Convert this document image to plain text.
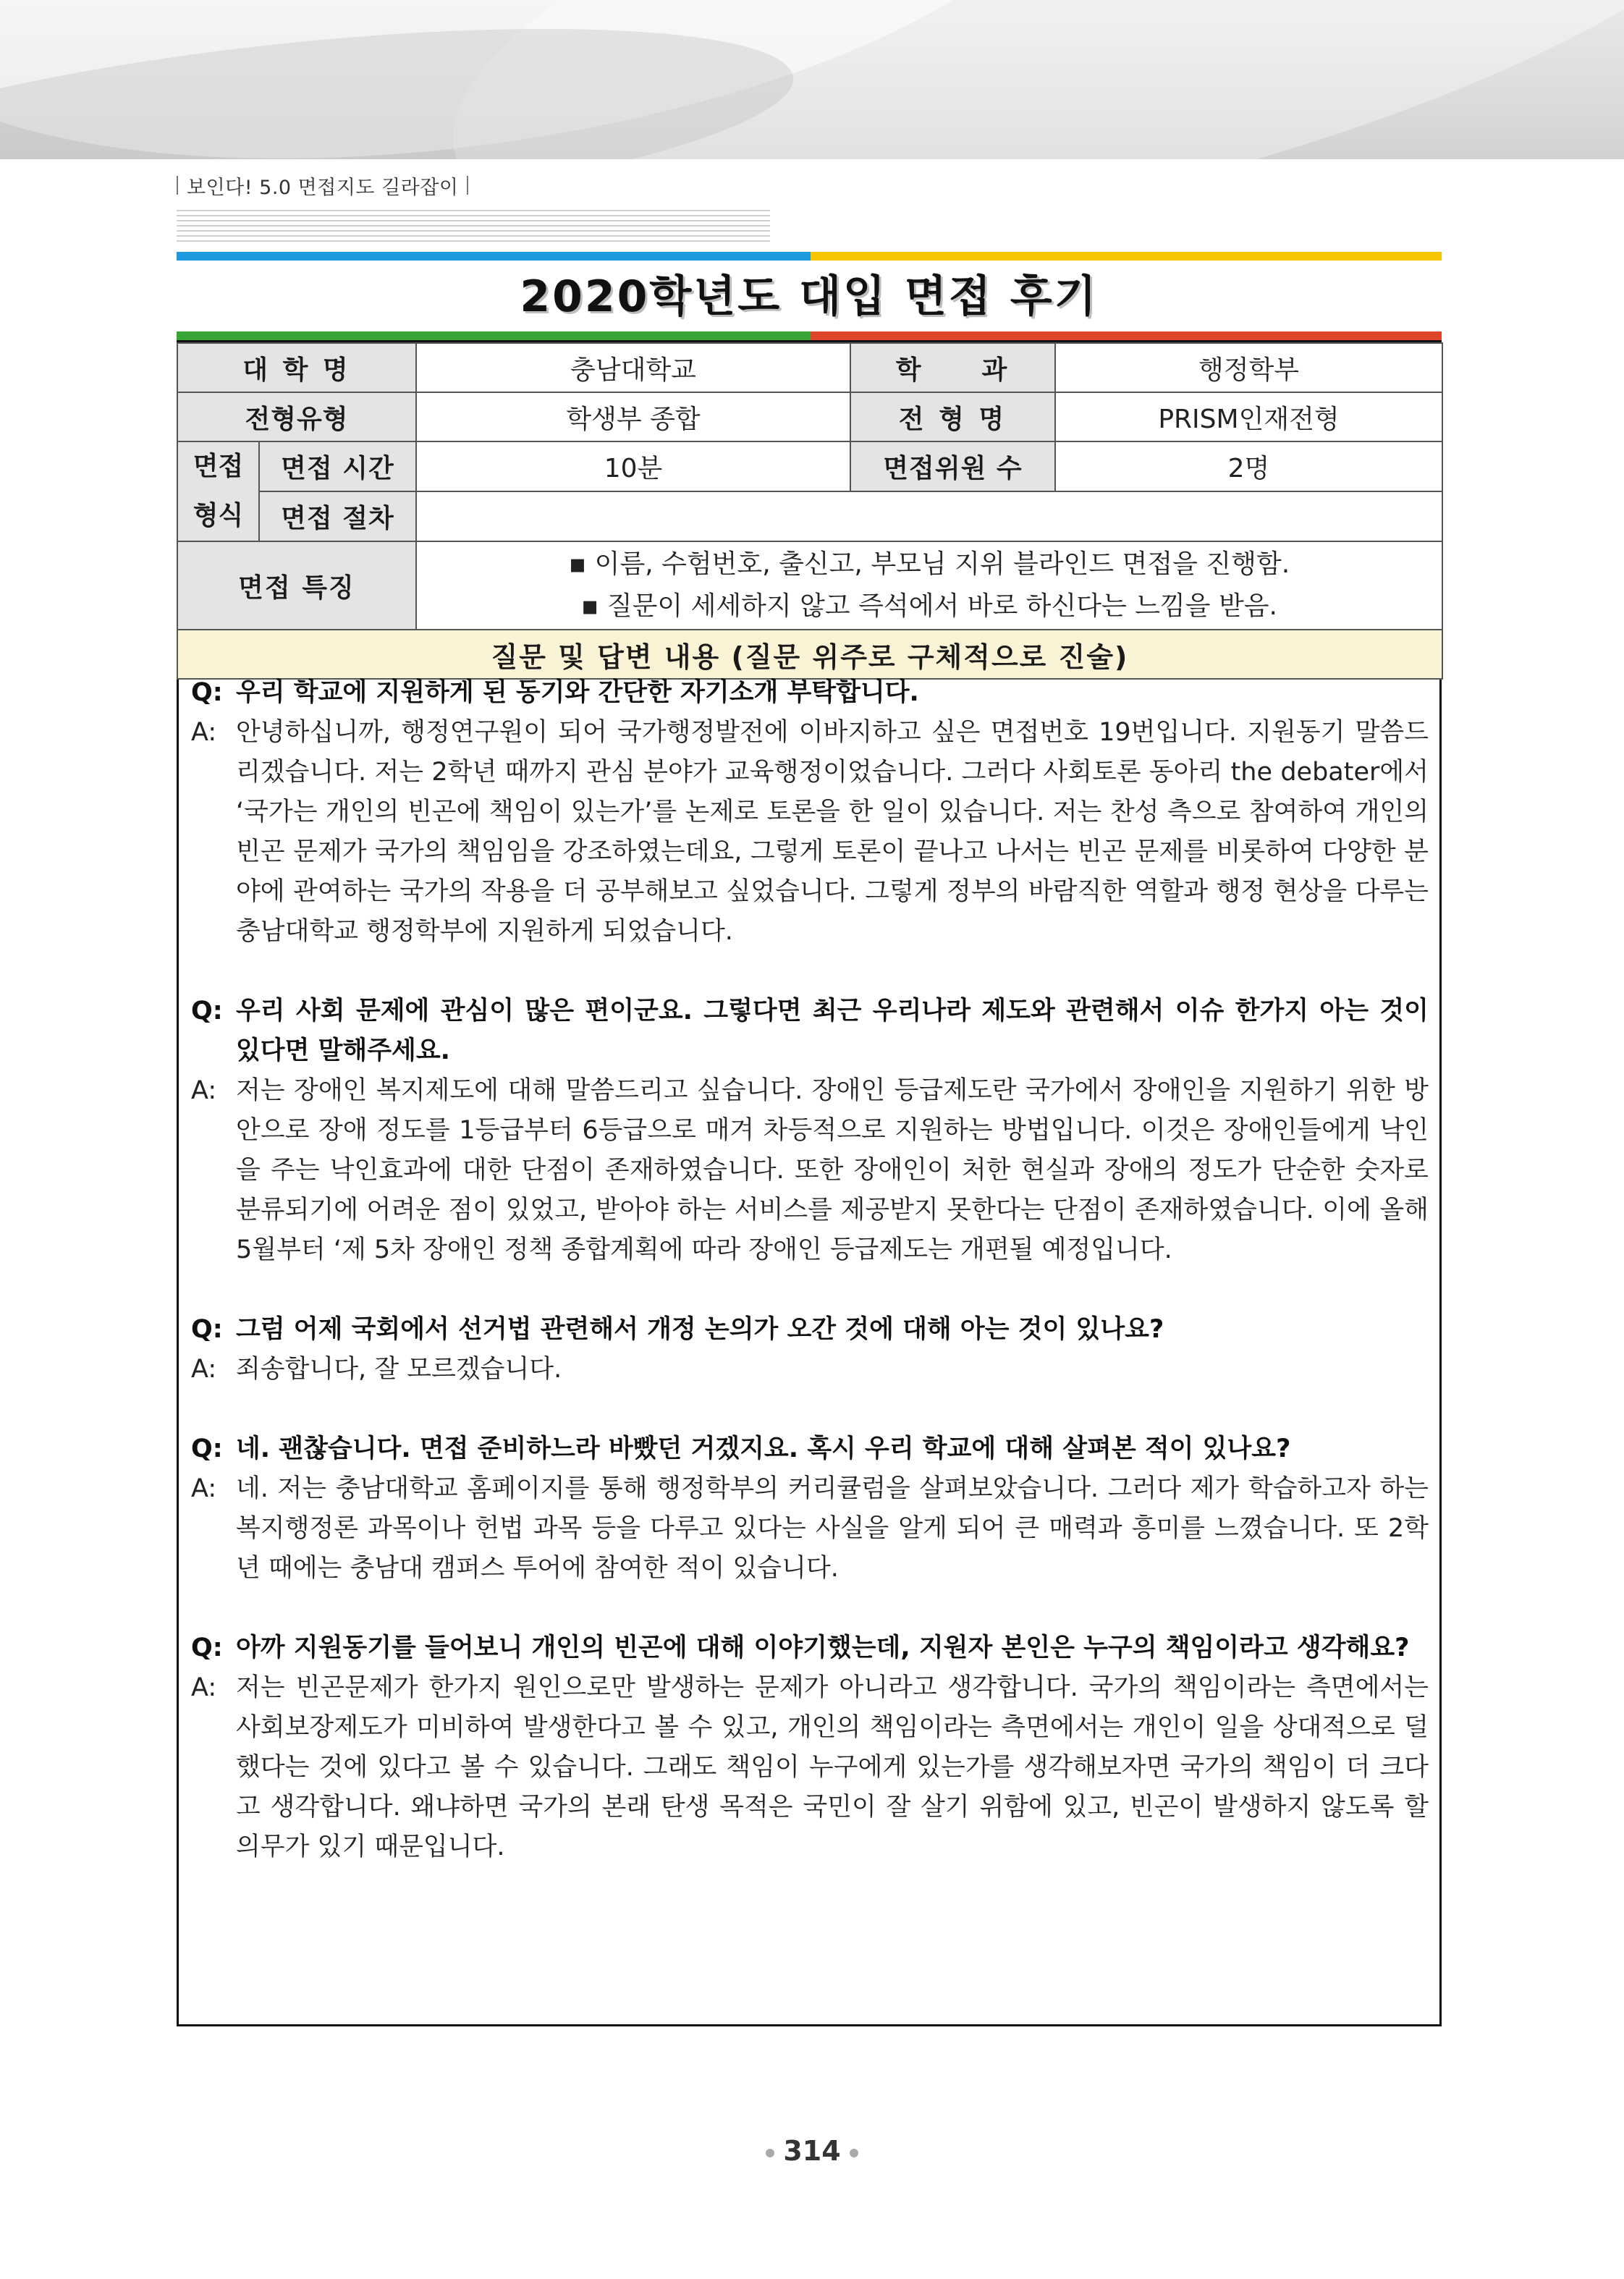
보인다! 5.0 면접지도 길라잡이
2020학년도 대입 면접 후기
대 학 명		충남대학교	학　　과	행정학부
전형유형		학생부 종합	전 형 명	PRISM인재전형

면접
형식	면접 시간	10분	면접위원 수	2명
	면접 절차			
면접 특징		▪ 이름, 수험번호, 출신고, 부모님 지위 블라인드 면접을 진행함.
▪ 질문이 세세하지 않고 즉석에서 바로 하신다는 느낌을 받음.		

질문 및 답변 내용 (질문 위주로 구체적으로 진술)				
Q: 우리 학교에 지원하게 된 동기와 간단한 자기소개 부탁합니다.
A: 안녕하십니까, 행정연구원이 되어 국가행정발전에 이바지하고 싶은 면접번호 19번입니다. 지원동기 말씀드리겠습니다. 저는 2학년 때까지 관심 분야가 교육행정이었습니다. 그러다 사회토론 동아리 the debater에서 ‘국가는 개인의 빈곤에 책임이 있는가’를 논제로 토론을 한 일이 있습니다. 저는 찬성 측으로 참여하여 개인의 빈곤 문제가 국가의 책임임을 강조하였는데요, 그렇게 토론이 끝나고 나서는 빈곤 문제를 비롯하여 다양한 분야에 관여하는 국가의 작용을 더 공부해보고 싶었습니다. 그렇게 정부의 바람직한 역할과 행정 현상을 다루는 충남대학교 행정학부에 지원하게 되었습니다.
Q: 우리 사회 문제에 관심이 많은 편이군요. 그렇다면 최근 우리나라 제도와 관련해서 이슈 한가지 아는 것이 있다면 말해주세요.
A: 저는 장애인 복지제도에 대해 말씀드리고 싶습니다. 장애인 등급제도란 국가에서 장애인을 지원하기 위한 방안으로 장애 정도를 1등급부터 6등급으로 매겨 차등적으로 지원하는 방법입니다. 이것은 장애인들에게 낙인을 주는 낙인효과에 대한 단점이 존재하였습니다. 또한 장애인이 처한 현실과 장애의 정도가 단순한 숫자로 분류되기에 어려운 점이 있었고, 받아야 하는 서비스를 제공받지 못한다는 단점이 존재하였습니다. 이에 올해 5월부터 ‘제 5차 장애인 정책 종합계획에 따라 장애인 등급제도는 개편될 예정입니다.
Q: 그럼 어제 국회에서 선거법 관련해서 개정 논의가 오간 것에 대해 아는 것이 있나요?
A: 죄송합니다, 잘 모르겠습니다.
Q: 네. 괜찮습니다. 면접 준비하느라 바빴던 거겠지요. 혹시 우리 학교에 대해 살펴본 적이 있나요?
A: 네. 저는 충남대학교 홈페이지를 통해 행정학부의 커리큘럼을 살펴보았습니다. 그러다 제가 학습하고자 하는 복지행정론 과목이나 헌법 과목 등을 다루고 있다는 사실을 알게 되어 큰 매력과 흥미를 느꼈습니다. 또 2학년 때에는 충남대 캠퍼스 투어에 참여한 적이 있습니다.
Q: 아까 지원동기를 들어보니 개인의 빈곤에 대해 이야기했는데, 지원자 본인은 누구의 책임이라고 생각해요?
A: 저는 빈곤문제가 한가지 원인으로만 발생하는 문제가 아니라고 생각합니다. 국가의 책임이라는 측면에서는 사회보장제도가 미비하여 발생한다고 볼 수 있고, 개인의 책임이라는 측면에서는 개인이 일을 상대적으로 덜 했다는 것에 있다고 볼 수 있습니다. 그래도 책임이 누구에게 있는가를 생각해보자면 국가의 책임이 더 크다고 생각합니다. 왜냐하면 국가의 본래 탄생 목적은 국민이 잘 살기 위함에 있고, 빈곤이 발생하지 않도록 할 의무가 있기 때문입니다.
314
